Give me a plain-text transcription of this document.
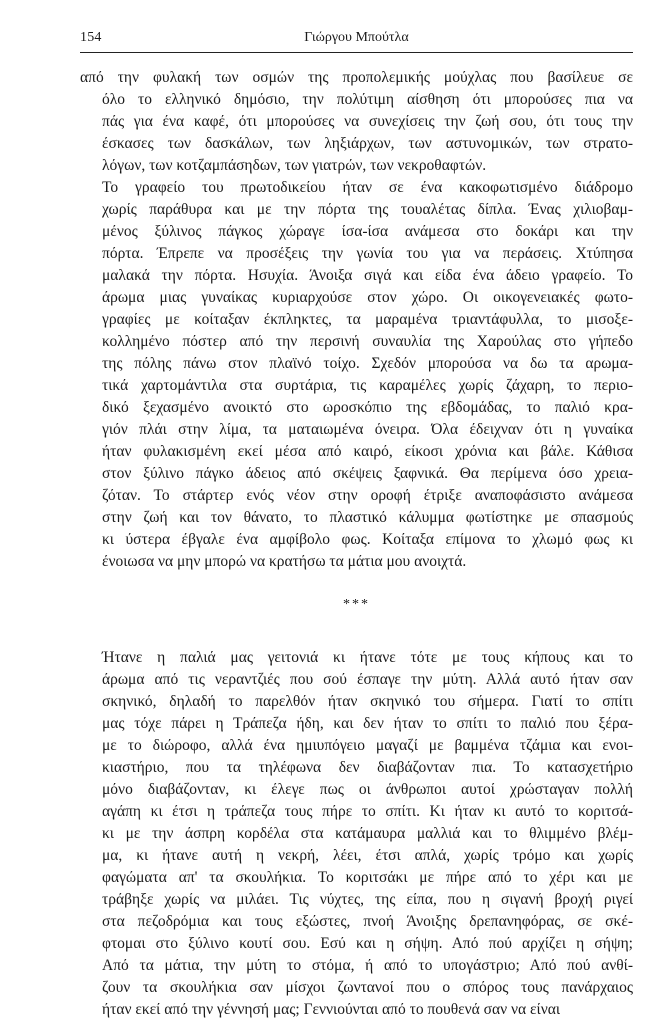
154	Γιώργου Μπούτλα
από την φυλακή των οσμών της προπολεμικής μούχλας που βασίλευε σε
όλο το ελληνικό δημόσιο, την πολύτιμη αίσθηση ότι μπορούσες πια να
πάς για ένα καφέ, ότι μπορούσες να συνεχίσεις την ζωή σου, ότι τους την
έσκασες των δασκάλων, των ληξιάρχων, των αστυνομικών, των στρατο-
λόγων, των κοτζαμπάσηδων, των γιατρών, των νεκροθαφτών.
Το γραφείο του πρωτοδικείου ήταν σε ένα κακοφωτισμένο διάδρομο
χωρίς παράθυρα και με την πόρτα της τουαλέτας δίπλα. Ένας χιλιοβαμ-
μένος ξύλινος πάγκος χώραγε ίσα-ίσα ανάμεσα στο δοκάρι και την
πόρτα. Έπρεπε να προσέξεις την γωνία του για να περάσεις. Χτύπησα
μαλακά την πόρτα. Ησυχία. Άνοιξα σιγά και είδα ένα άδειο γραφείο. Το
άρωμα μιας γυναίκας κυριαρχούσε στον χώρο. Οι οικογενειακές φωτο-
γραφίες με κοίταξαν έκπληκτες, τα μαραμένα τριαντάφυλλα, το μισοξε-
κολλημένο πόστερ από την περσινή συναυλία της Χαρούλας στο γήπεδο
της πόλης πάνω στον πλαϊνό τοίχο. Σχεδόν μπορούσα να δω τα αρωμα-
τικά χαρτομάντιλα στα συρτάρια, τις καραμέλες χωρίς ζάχαρη, το περιο-
δικό ξεχασμένο ανοικτό στο ωροσκόπιο της εβδομάδας, το παλιό κρα-
γιόν πλάι στην λίμα, τα ματαιωμένα όνειρα. Όλα έδειχναν ότι η γυναίκα
ήταν φυλακισμένη εκεί μέσα από καιρό, είκοσι χρόνια και βάλε. Κάθισα
στον ξύλινο πάγκο άδειος από σκέψεις ξαφνικά. Θα περίμενα όσο χρεια-
ζόταν. Το στάρτερ ενός νέον στην οροφή έτριξε αναποφάσιστο ανάμεσα
στην ζωή και τον θάνατο, το πλαστικό κάλυμμα φωτίστηκε με σπασμούς
κι ύστερα έβγαλε ένα αμφίβολο φως. Κοίταξα επίμονα το χλωμό φως κι
ένοιωσα να μην μπορώ να κρατήσω τα μάτια μου ανοιχτά.
***
Ήτανε η παλιά μας γειτονιά κι ήτανε τότε με τους κήπους και το
άρωμα από τις νεραντζιές που σού έσπαγε την μύτη. Αλλά αυτό ήταν σαν
σκηνικό, δηλαδή το παρελθόν ήταν σκηνικό του σήμερα. Γιατί το σπίτι
μας τόχε πάρει η Τράπεζα ήδη, και δεν ήταν το σπίτι το παλιό που ξέρα-
με το διώροφο, αλλά ένα ημιυπόγειο μαγαζί με βαμμένα τζάμια και ενοι-
κιαστήριο, που τα τηλέφωνα δεν διαβάζονταν πια. Το κατασχετήριο
μόνο διαβάζονταν, κι έλεγε πως οι άνθρωποι αυτοί χρώσταγαν πολλή
αγάπη κι έτσι η τράπεζα τους πήρε το σπίτι. Κι ήταν κι αυτό το κοριτσά-
κι με την άσπρη κορδέλα στα κατάμαυρα μαλλιά και το θλιμμένο βλέμ-
μα, κι ήτανε αυτή η νεκρή, λέει, έτσι απλά, χωρίς τρόμο και χωρίς
φαγώματα απ' τα σκουλήκια. Το κοριτσάκι με πήρε από το χέρι και με
τράβηξε χωρίς να μιλάει. Τις νύχτες, της είπα, που η σιγανή βροχή ριγεί
στα πεζοδρόμια και τους εξώστες, πνοή Άνοιξης δρεπανηφόρας, σε σκέ-
φτομαι στο ξύλινο κουτί σου. Εσύ και η σήψη. Από πού αρχίζει η σήψη;
Από τα μάτια, την μύτη το στόμα, ή από το υπογάστριο; Από πού ανθί-
ζουν τα σκουλήκια σαν μίσχοι ζωντανοί που ο σπόρος τους πανάρχαιος
ήταν εκεί από την γέννησή μας; Γεννιούνται από το πουθενά σαν να είναι
